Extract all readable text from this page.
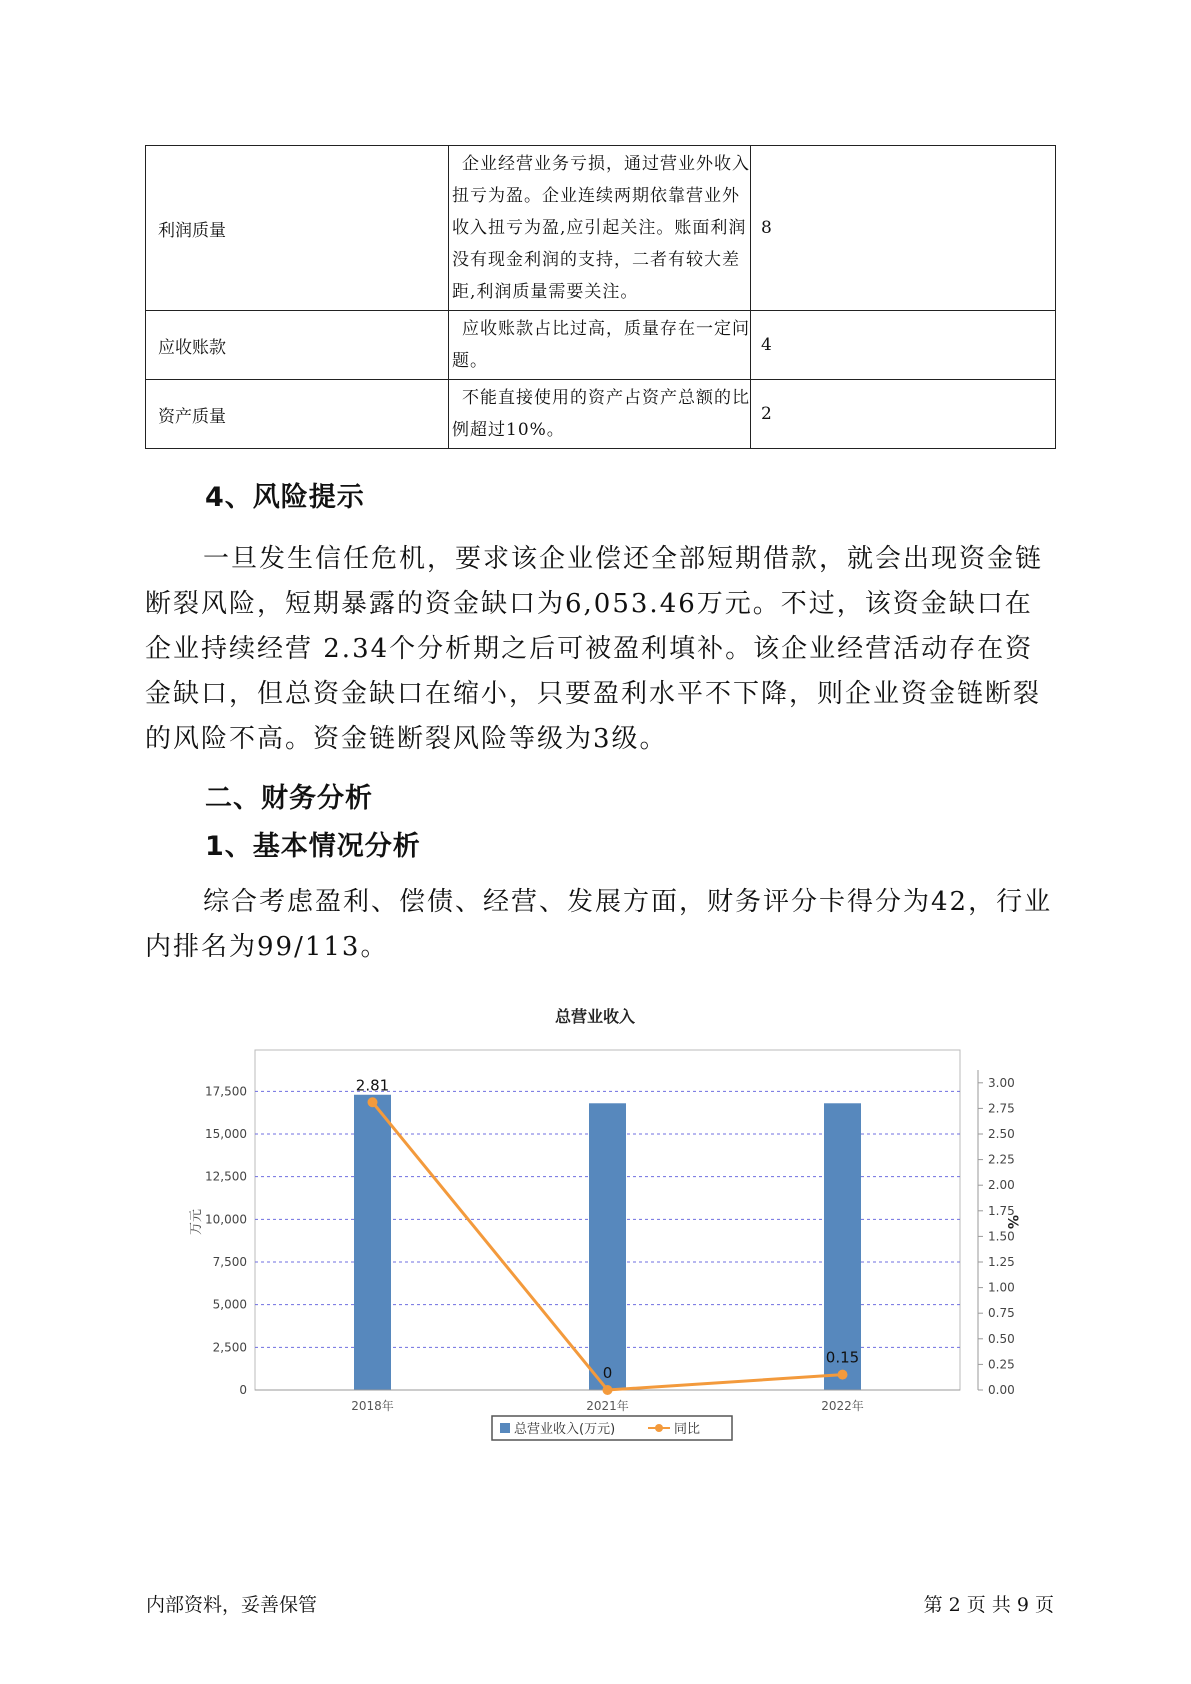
利润质量	企业经营业务亏损，通过营业外收入扭亏为盈。企业连续两期依靠营业外收入扭亏为盈,应引起关注。账面利润没有现金利润的支持，二者有较大差距,利润质量需要关注。	8
应收账款	应收账款占比过高，质量存在一定问题。	4
资产质量	不能直接使用的资产占资产总额的比例超过10%。	2
4、风险提示

一旦发生信任危机，要求该企业偿还全部短期借款，就会出现资金链断裂风险，短期暴露的资金缺口为6,053.46万元。不过，该资金缺口在企业持续经营 2.34个分析期之后可被盈利填补。该企业经营活动存在资金缺口，但总资金缺口在缩小，只要盈利水平不下降，则企业资金链断裂的风险不高。资金链断裂风险等级为3级。

二、财务分析
1、基本情况分析

综合考虑盈利、偿债、经营、发展方面，财务评分卡得分为42，行业内排名为99/113。

总营业收入
0
2,500
5,000
7,500
10,000
12,500
15,000
17,500
0.00
0.25
0.50
0.75
1.00
1.25
1.50
1.75
2.00
2.25
2.50
2.75
3.00
2018年	2021年	2022年
2.81
0
0.15
万元	%
总营业收入(万元)	同比
内部资料，妥善保管	第 2 页 共 9 页
